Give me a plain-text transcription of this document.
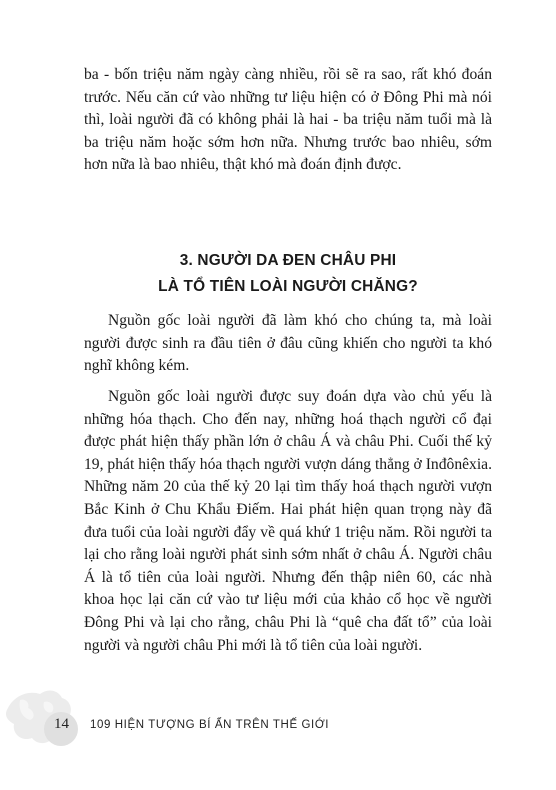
ba - bốn triệu năm ngày càng nhiều, rồi sẽ ra sao, rất khó đoán trước. Nếu căn cứ vào những tư liệu hiện có ở Đông Phi mà nói thì, loài người đã có không phải là hai - ba triệu năm tuổi mà là ba triệu năm hoặc sớm hơn nữa. Nhưng trước bao nhiêu, sớm hơn nữa là bao nhiêu, thật khó mà đoán định được.

3. NGƯỜI DA ĐEN CHÂU PHI
LÀ TỔ TIÊN LOÀI NGƯỜI CHĂNG?

Nguồn gốc loài người đã làm khó cho chúng ta, mà loài người được sinh ra đầu tiên ở đâu cũng khiến cho người ta khó nghĩ không kém.

Nguồn gốc loài người được suy đoán dựa vào chủ yếu là những hóa thạch. Cho đến nay, những hoá thạch người cổ đại được phát hiện thấy phần lớn ở châu Á và châu Phi. Cuối thế kỷ 19, phát hiện thấy hóa thạch người vượn dáng thẳng ở Inđônêxia. Những năm 20 của thế kỷ 20 lại tìm thấy hoá thạch người vượn Bắc Kinh ở Chu Khẩu Điếm. Hai phát hiện quan trọng này đã đưa tuổi của loài người đẩy về quá khứ 1 triệu năm. Rồi người ta lại cho rằng loài người phát sinh sớm nhất ở châu Á. Người châu Á là tổ tiên của loài người. Nhưng đến thập niên 60, các nhà khoa học lại căn cứ vào tư liệu mới của khảo cổ học về người Đông Phi và lại cho rằng, châu Phi là “quê cha đất tổ” của loài người và người châu Phi mới là tổ tiên của loài người.

14 109 HIỆN TƯỢNG BÍ ẨN TRÊN THẾ GIỚI
